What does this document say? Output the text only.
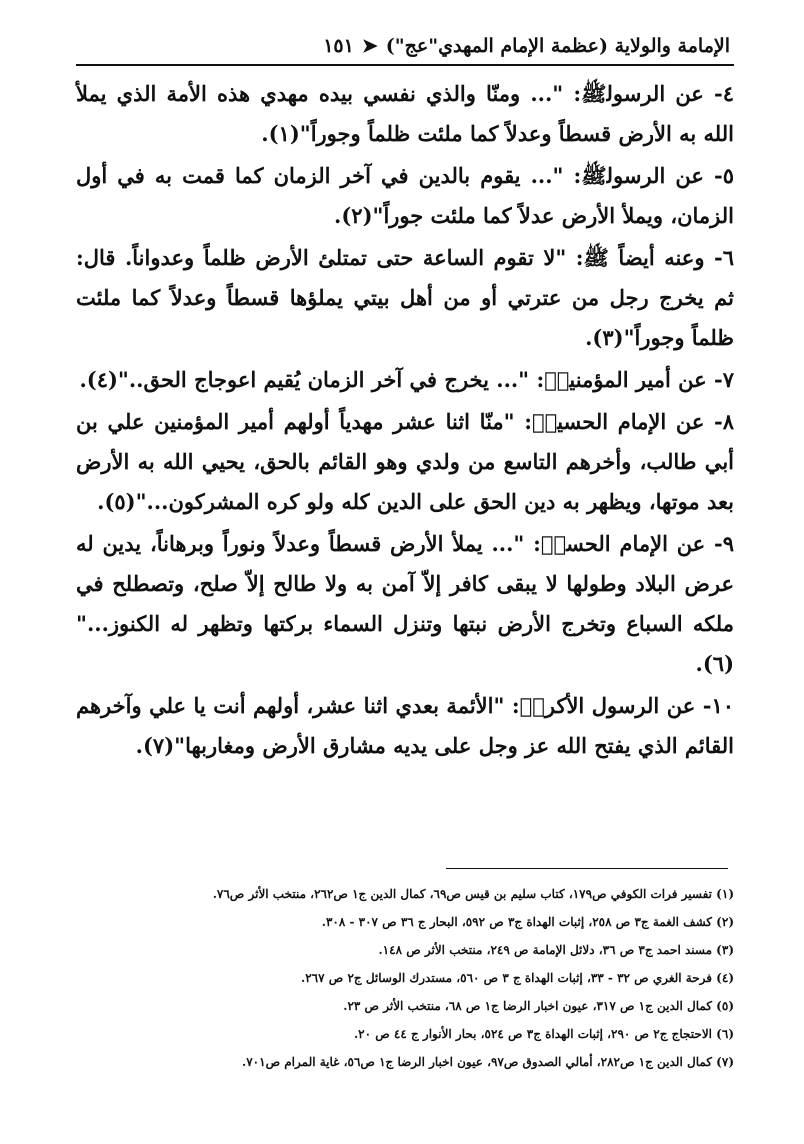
الإمامة والولاية (عظمة الإمام المهدي"عج")
➤
١٥١

٤- عن الرسول‍ﷺ: "... ومنّا والذي نفسي بيده مهدي هذه الأمة الذي يملأ الله به الأرض قسطاً وعدلاً كما ملئت ظلماً وجوراً"(١).

٥- عن الرسول‍ﷺ: "... يقوم بالدين في آخر الزمان كما قمت به في أول الزمان، ويملأ الأرض عدلاً كما ملئت جوراً"(٢).

٦- وعنه أيضاً ﷺ: "لا تقوم الساعة حتى تمتلئ الأرض ظلماً وعدواناً. قال: ثم يخرج رجل من عترتي أو من أهل بيتي يملؤها قسطاً وعدلاً كما ملئت ظلماً وجوراً"(٣).

٧- عن أمير المؤمنين‍ؑ: "... يخرج في آخر الزمان يُقيم اعوجاج الحق.."(٤).

٨- عن الإمام الحسين‍ؑ: "منّا اثنا عشر مهدياً أولهم أمير المؤمنين علي بن أبي طالب، وأخرهم التاسع من ولدي وهو القائم بالحق، يحيي الله به الأرض بعد موتها، ويظهر به دين الحق على الدين كله ولو كره المشركون..."(٥).

٩- عن الإمام الحسن‍ؑ: "... يملأ الأرض قسطاً وعدلاً ونوراً وبرهاناً، يدين له عرض البلاد وطولها لا يبقى كافر إلاّ آمن به ولا طالح إلاّ صلح، وتصطلح في ملكه السباع وتخرج الأرض نبتها وتنزل السماء بركتها وتظهر له الكنوز..."(٦).

١٠- عن الرسول الأكرم‍ؑ: "الأئمة بعدي اثنا عشر، أولهم أنت يا علي وآخرهم القائم الذي يفتح الله عز وجل على يديه مشارق الأرض ومغاربها"(٧).

(١) تفسير فرات الكوفي ص١٧٩، كتاب سليم بن قيس ص٦٩، كمال الدين ج١ ص٢٦٢، منتخب الأثر ص٧٦.

(٢) كشف الغمة ج٣ ص ٢٥٨، إثبات الهداة ج٣ ص ٥٩٢، البحار ج ٣٦ ص ٣٠٧ - ٣٠٨.

(٣) مسند احمد ج٣ ص ٣٦، دلائل الإمامة ص ٢٤٩، منتخب الأثر ص ١٤٨.

(٤) فرحة الغري ص ٣٢ - ٣٣، إثبات الهداة ج ٣ ص ٥٦٠، مستدرك الوسائل ج٢ ص ٢٦٧.

(٥) كمال الدين ج١ ص ٣١٧، عيون اخبار الرضا ج١ ص ٦٨، منتخب الأثر ص ٢٣.

(٦) الاحتجاج ج٢ ص ٢٩٠، إثبات الهداة ج٣ ص ٥٢٤، بحار الأنوار ج ٤٤ ص ٢٠.

(٧) كمال الدين ج١ ص٢٨٢، أمالي الصدوق ص٩٧، عيون اخبار الرضا ج١ ص٥٦، غاية المرام ص٧٠١.
